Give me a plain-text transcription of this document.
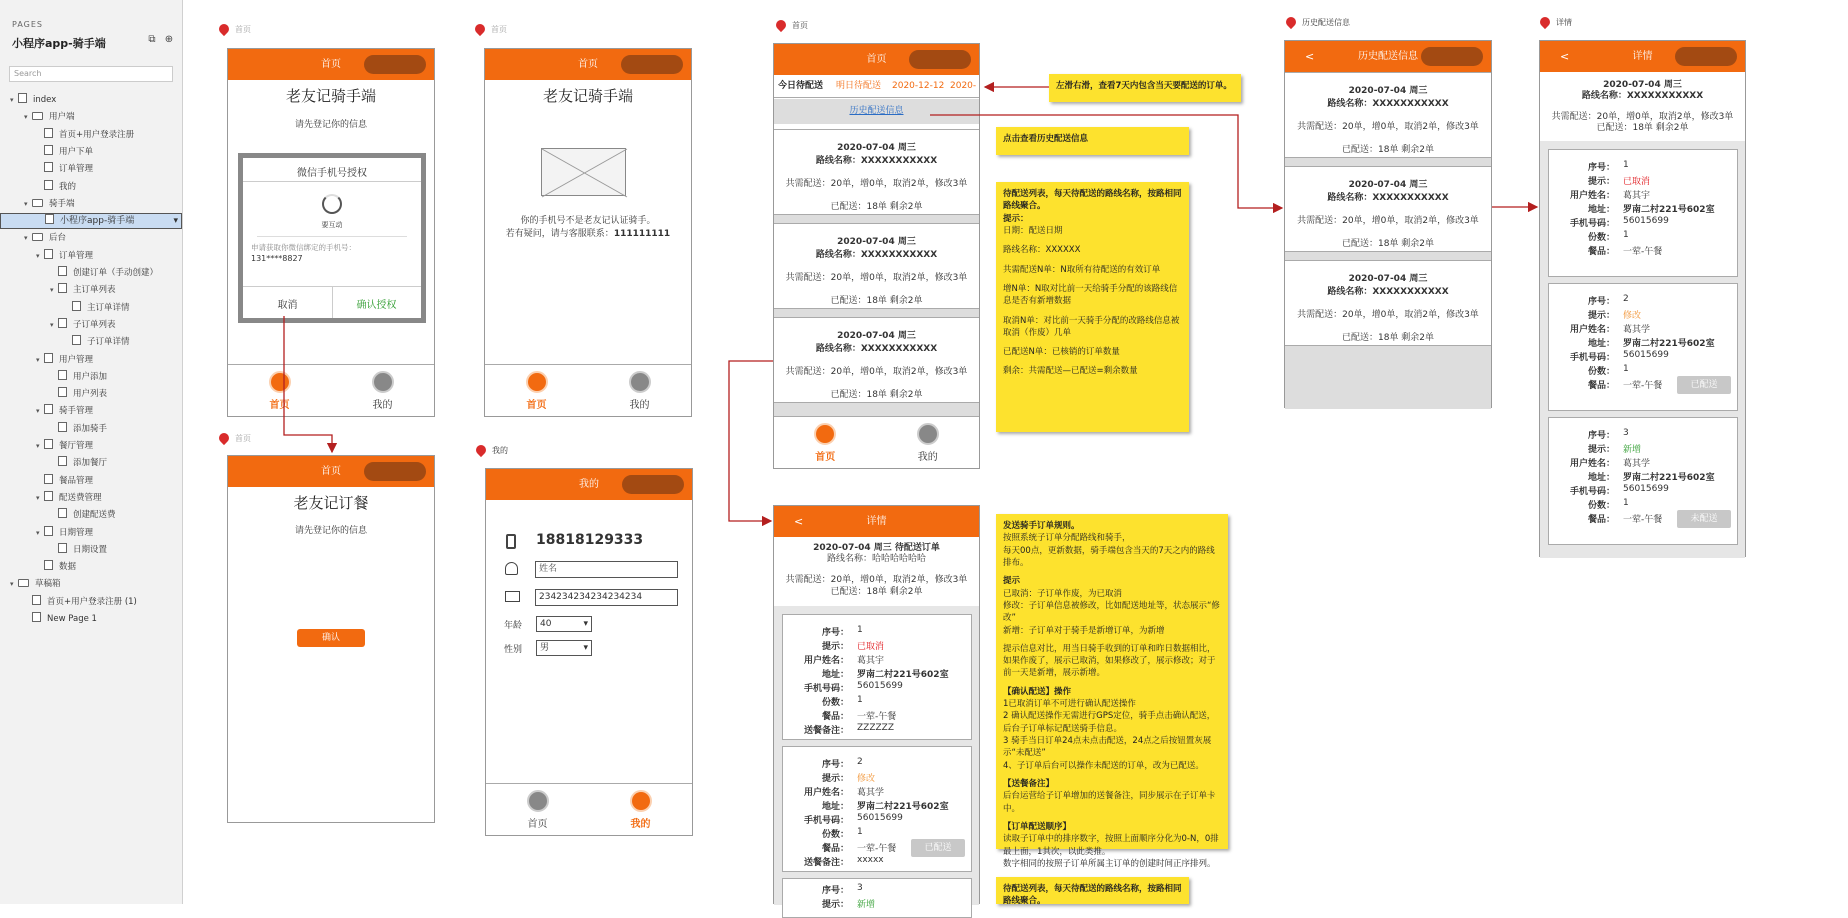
PAGES
小程序app-骑手端	⧉ ⊕
Search
▾ index
▾	用户端
首页+用户登录注册
用户下单
订单管理
我的
▾	骑手端
小程序app-骑手端 ▾
▾	后台
▾ 订单管理
创建订单（手动创建）
▾ 主订单列表
主订单详情
▾ 子订单列表
子订单详情
▾ 用户管理
用户添加
用户列表
▾ 骑手管理
添加骑手
▾ 餐厅管理
添加餐厅
餐品管理
▾ 配送费管理
创建配送费
▾ 日期管理
日期设置
数据
▾	草稿箱
首页+用户登录注册 (1)
New Page 1
首页
首页
老友记骑手端
请先登记你的信息
微信手机号授权
要互动
申请获取你微信绑定的手机号：
131****8827
取消	确认授权
首页	我的
首页
首页
老友记骑手端
你的手机号不是老友记认证骑手。
若有疑问，请与客服联系：111111111
首页	我的
首页
首页
老友记订餐
请先登记你的信息
确认
我的
我的
18818129333
姓名
234234234234234234
年龄	40 ▾
性别	男 ▾
首页	我的
首页
首页
今日待配送 明日待配送 2020-12-12 2020-
历史配送信息
2020-07-04 周三
路线名称：XXXXXXXXXXX
共需配送：20单，增0单，取消2单，修改3单
已配送：18单 剩余2单
2020-07-04 周三
路线名称：XXXXXXXXXXX
共需配送：20单，增0单，取消2单，修改3单
已配送：18单 剩余2单
2020-07-04 周三
路线名称：XXXXXXXXXXX
共需配送：20单，增0单，取消2单，修改3单
已配送：18单 剩余2单
首页	我的
<	详情
2020-07-04 周三 待配送订单
路线名称：哈哈哈哈哈哈
共需配送：20单，增0单，取消2单，修改3单
已配送：18单 剩余2单
序号： 1
提示： 已取消
用户姓名： 葛其宇
地址： 罗南二村221号602室
手机号码： 56015699
份数： 1
餐品： 一荤-午餐
送餐备注： ZZZZZZ
序号： 2
提示： 修改
用户姓名： 葛其学
地址： 罗南二村221号602室
手机号码： 56015699
份数： 1
餐品： 一荤-午餐
送餐备注： xxxxx
已配送
序号： 3
提示： 新增
左滑右滑，查看7天内包含当天要配送的订单。
点击查看历史配送信息
待配送列表，每天待配送的路线名称，按路相同路线聚合。
提示：
日期：配送日期
路线名称：XXXXXX
共需配送N单：N取所有待配送的有效订单
增N单：N取对比前一天给骑手分配的该路线信息是否有新增数据
取消N单：对比前一天骑手分配的改路线信息被取消（作废）几单
已配送N单：已核销的订单数量
剩余：共需配送—已配送=剩余数量
发送骑手订单规则。
按照系统子订单分配路线和骑手，
每天00点，更新数据，骑手端包含当天的7天之内的路线排布。
提示
已取消：子订单作废，为已取消
修改：子订单信息被修改，比如配送地址等，状态展示“修改”
新增：子订单对于骑手是新增订单，为新增
提示信息对比，用当日骑手收到的订单和昨日数据相比，如果作废了，展示已取消，如果修改了，展示修改；对于前一天是新增，展示新增。
【确认配送】操作
1已取消订单不可进行确认配送操作
2 确认配送操作无需进行GPS定位，骑手点击确认配送，后台子订单标记配送骑手信息。
3 骑手当日订单24点未点击配送，24点之后按钮置灰展示“未配送”
4、子订单后台可以操作未配送的订单，改为已配送。
【送餐备注】
后台运营给子订单增加的送餐备注，同步展示在子订单卡中。
【订单配送顺序】
读取子订单中的排序数字，按照上面顺序分化为0-N，0排最上面，1其次，以此类推。
数字相同的按照子订单所属主订单的创建时间正序排列。
待配送列表，每天待配送的路线名称，按路相同路线聚合。
历史配送信息
<	历史配送信息
2020-07-04 周三
路线名称：XXXXXXXXXXX
共需配送：20单，增0单，取消2单，修改3单
已配送：18单 剩余2单
2020-07-04 周三
路线名称：XXXXXXXXXXX
共需配送：20单，增0单，取消2单，修改3单
已配送：18单 剩余2单
2020-07-04 周三
路线名称：XXXXXXXXXXX
共需配送：20单，增0单，取消2单，修改3单
已配送：18单 剩余2单
详情
<	详情
2020-07-04 周三
路线名称：XXXXXXXXXXX
共需配送：20单，增0单，取消2单，修改3单
已配送：18单 剩余2单
序号： 1
提示： 已取消
用户姓名： 葛其宇
地址： 罗南二村221号602室
手机号码： 56015699
份数： 1
餐品： 一荤-午餐
序号： 2
提示： 修改
用户姓名： 葛其学
地址： 罗南二村221号602室
手机号码： 56015699
份数： 1
餐品： 一荤-午餐	已配送
序号： 3
提示： 新增
用户姓名： 葛其学
地址： 罗南二村221号602室
手机号码： 56015699
份数： 1
餐品： 一荤-午餐	未配送
